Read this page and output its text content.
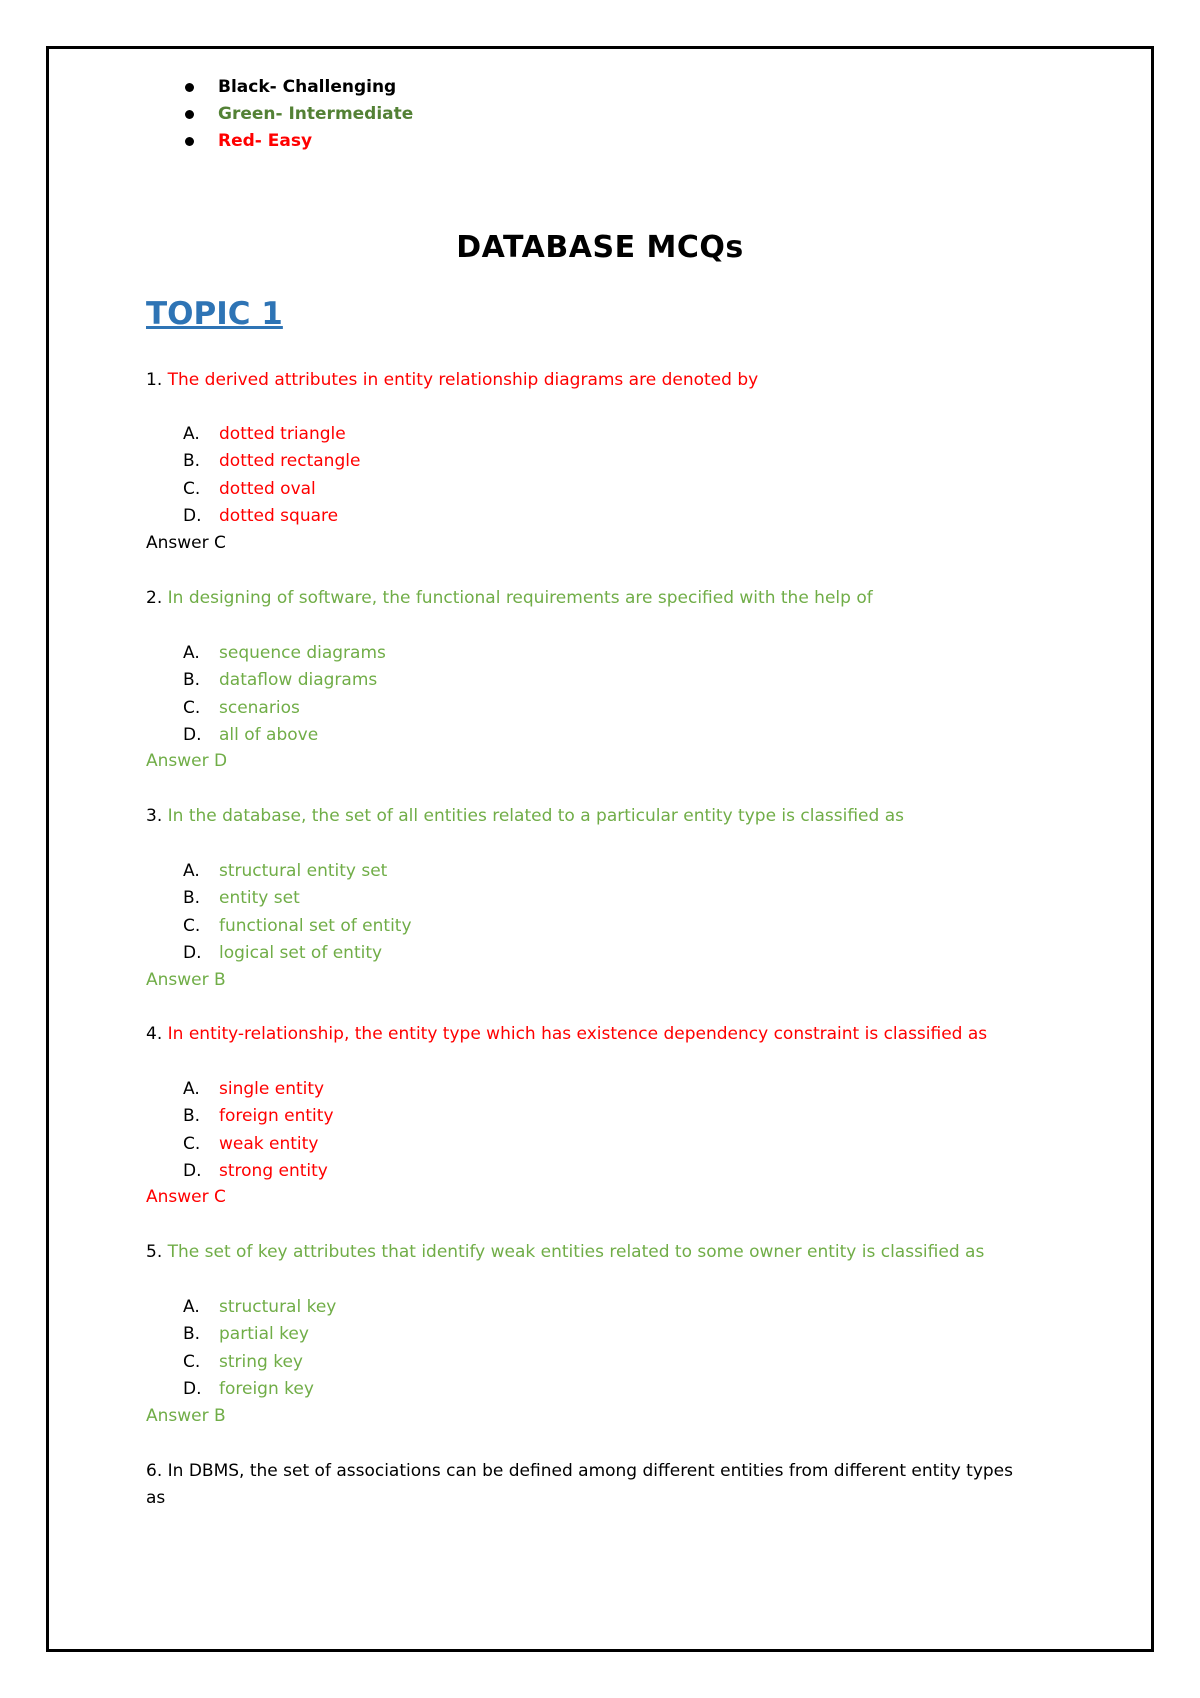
Black- Challenging
Green- Intermediate
Red- Easy
DATABASE MCQs
TOPIC 1
1. The derived attributes in entity relationship diagrams are denoted by
A. dotted triangle
B. dotted rectangle
C. dotted oval
D. dotted square
Answer C
2. In designing of software, the functional requirements are specified with the help of
A. sequence diagrams
B. dataflow diagrams
C. scenarios
D. all of above
Answer D
3. In the database, the set of all entities related to a particular entity type is classified as
A. structural entity set
B. entity set
C. functional set of entity
D. logical set of entity
Answer B
4. In entity-relationship, the entity type which has existence dependency constraint is classified as
A. single entity
B. foreign entity
C. weak entity
D. strong entity
Answer C
5. The set of key attributes that identify weak entities related to some owner entity is classified as
A. structural key
B. partial key
C. string key
D. foreign key
Answer B
6. In DBMS, the set of associations can be defined among different entities from different entity types as
